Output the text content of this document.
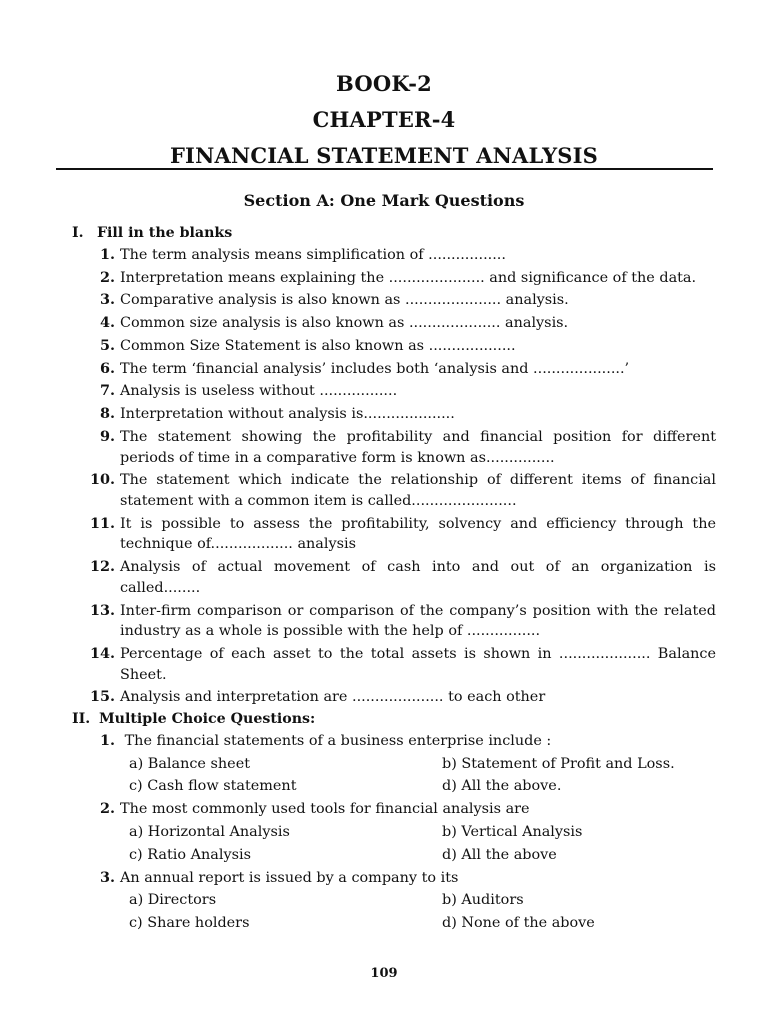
BOOK-2
CHAPTER-4
FINANCIAL STATEMENT ANALYSIS
Section A: One Mark Questions
I. Fill in the blanks
1. The term analysis means simplification of .................
2. Interpretation means explaining the ..................... and significance of the data.
3. Comparative analysis is also known as ..................... analysis.
4. Common size analysis is also known as .................... analysis.
5. Common Size Statement is also known as ...................
6. The term ‘financial analysis’ includes both ‘analysis and ....................’
7. Analysis is useless without .................
8. Interpretation without analysis is....................
9. The statement showing the profitability and financial position for different periods of time in a comparative form is known as...............
10. The statement which indicate the relationship of different items of financial statement with a common item is called.......................
11. It is possible to assess the profitability, solvency and efficiency through the technique of.................. analysis
12. Analysis of actual movement of cash into and out of an organization is called........
13. Inter-firm comparison or comparison of the company’s position with the related industry as a whole is possible with the help of ................
14. Percentage of each asset to the total assets is shown in .................... Balance Sheet.
15. Analysis and interpretation are .................... to each other
II. Multiple Choice Questions:
1. The financial statements of a business enterprise include :
a) Balance sheet	b) Statement of Profit and Loss.
c) Cash flow statement	d) All the above.
2. The most commonly used tools for financial analysis are
a) Horizontal Analysis	b) Vertical Analysis
c) Ratio Analysis	d) All the above
3. An annual report is issued by a company to its
a) Directors	b) Auditors
c) Share holders	d) None of the above
109
